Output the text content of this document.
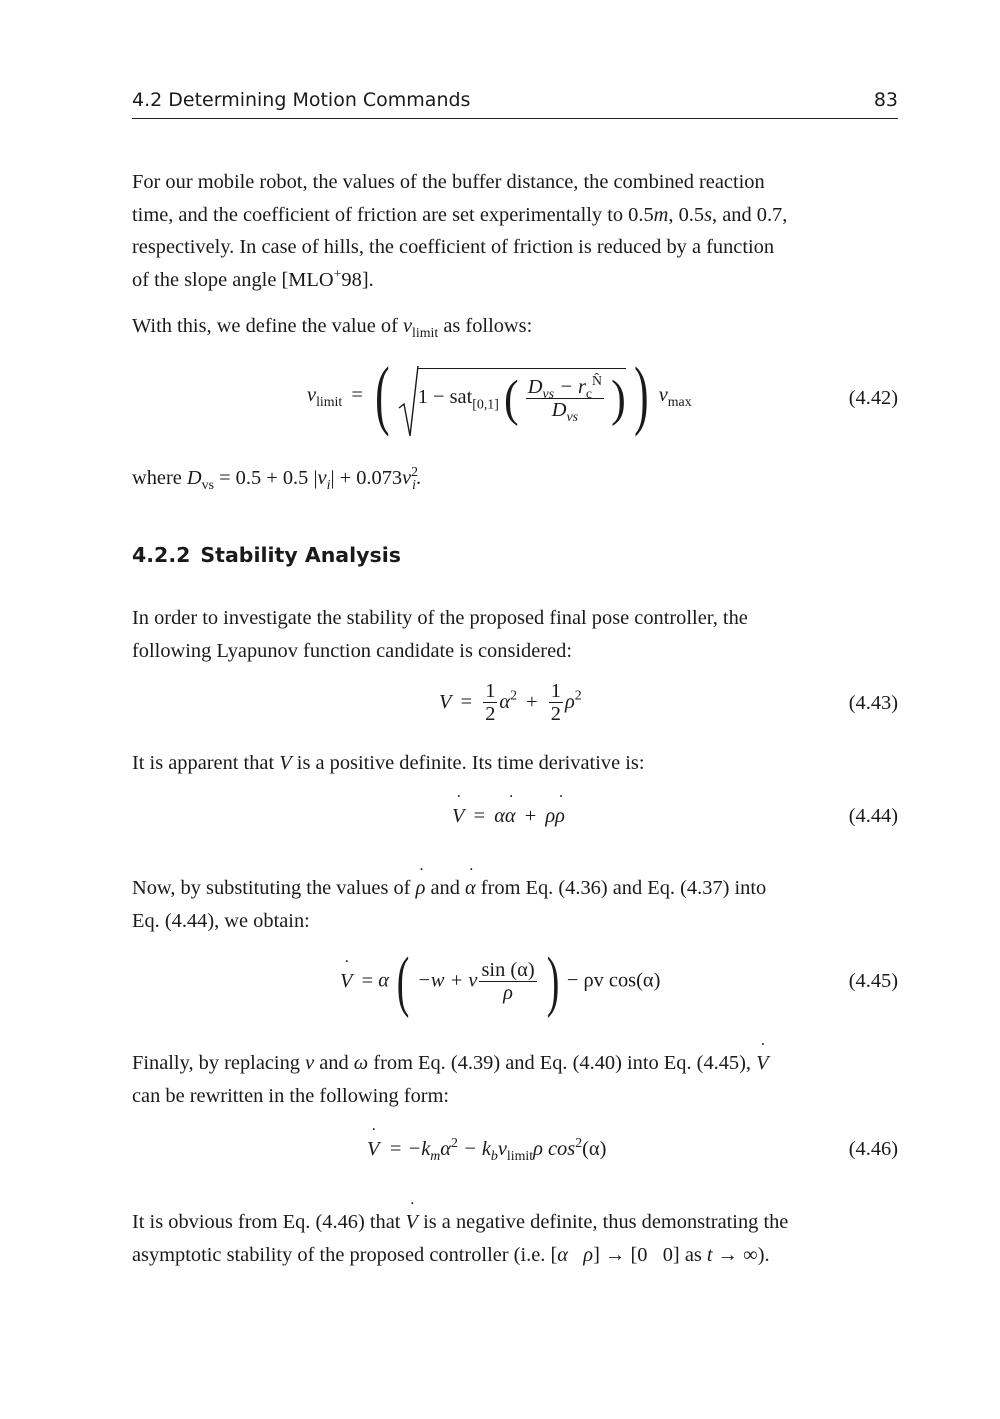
4.2 Determining Motion Commands	83
For our mobile robot, the values of the buffer distance, the combined reaction
time, and the coefficient of friction are set experimentally to 0.5m, 0.5s, and 0.7,
respectively. In case of hills, the coefficient of friction is reduced by a function
of the slope angle [MLO+98].
With this, we define the value of $v_{limit}$ as follows:
$v_{limit}$ = ( 1 − sat$_{[0,1]}$ ( $\frac{D_{vs} - r_c^{N̂}}{D_{vs}}$ ) ) $v_{max}$	(4.42)
where $D_{vs} = 0.5 + 0.5$ $|v_i| + 0.073v^2_i$.
4.2.2 Stability Analysis
In order to investigate the stability of the proposed final pose controller, the
following Lyapunov function candidate is considered:
$V = \frac{1}{2} \alpha^2 + \frac{1}{2} \rho^2$	(4.43)
It is apparent that V is a positive definite. Its time derivative is:
V ˙ = αα ˙ + ρρ ˙	(4.44)
Now, by substituting the values of ρ ˙ and α ˙ from Eq. (4.36) and Eq. (4.37) into
Eq. (4.44), we obtain:
V ˙ = α ( −w + v $\frac{\sin (\alpha)}{\rho}$ ) − ρv cos(α)	(4.45)
Finally, by replacing v and ω from Eq. (4.39) and Eq. (4.40) into Eq. (4.45), V ˙
can be rewritten in the following form:
V ˙ = $-k_m\alpha^2 - k_bv_{limit}\rho$ $\cos^2(\alpha)$	(4.46)
It is obvious from Eq. (4.46) that V ˙ is a negative definite, thus demonstrating the
asymptotic stability of the proposed controller (i.e. [α   ρ] → [0   0] as t → ∞).
